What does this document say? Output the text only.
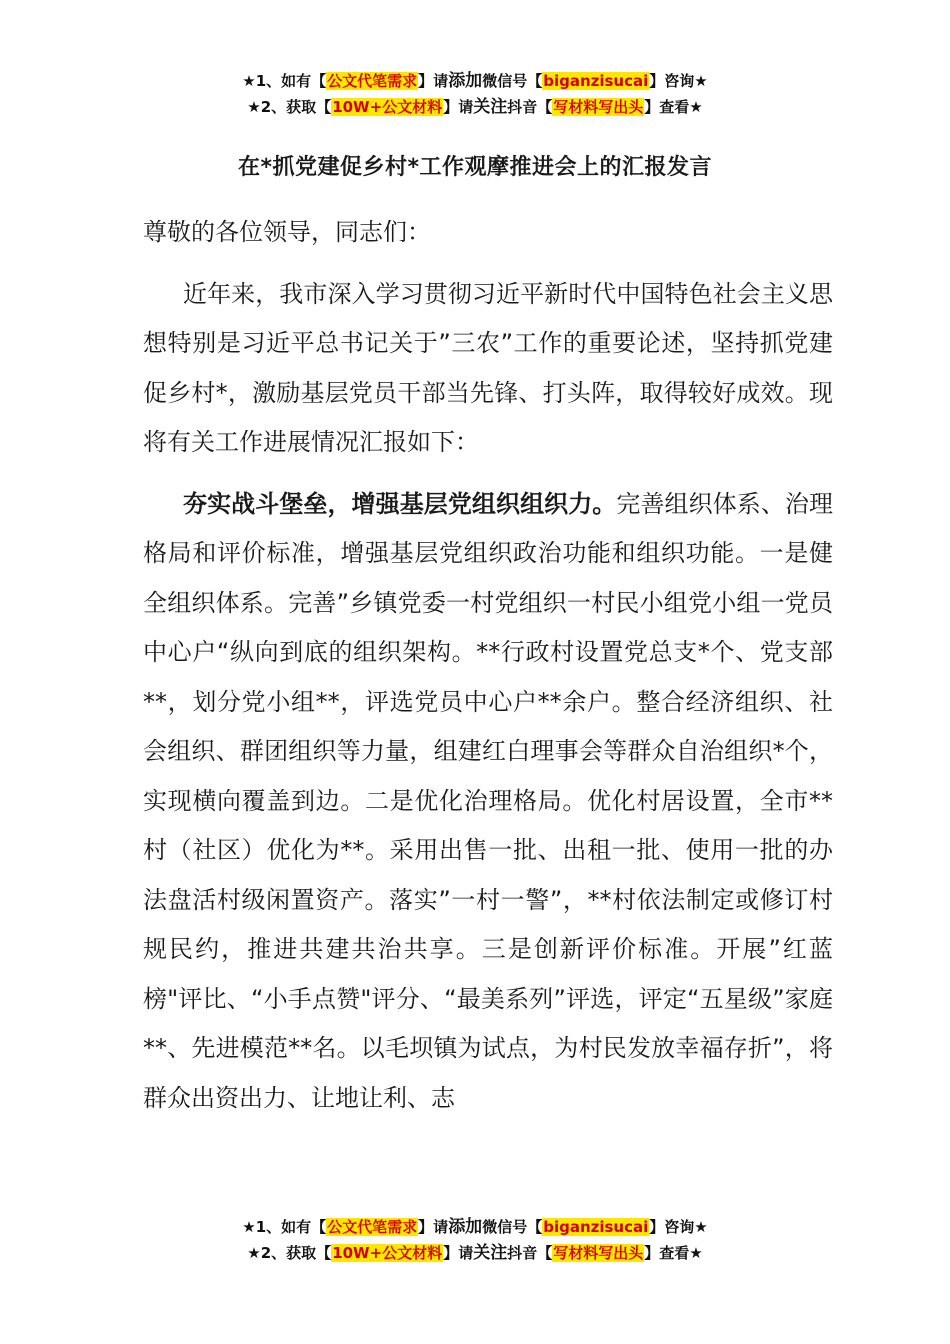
★1、如有【公文代笔需求】请添加微信号【biganzisucai】咨询★
★2、获取【10W+公文材料】请关注抖音【写材料写出头】查看★
在*抓党建促乡村*工作观摩推进会上的汇报发言

尊敬的各位领导，同志们：

近年来，我市深入学习贯彻习近平新时代中国特色社会主义思想特别是习近平总书记关于”三农”工作的重要论述，坚持抓党建促乡村*，激励基层党员干部当先锋、打头阵，取得较好成效。现将有关工作进展情况汇报如下：

夯实战斗堡垒，增强基层党组织组织力。完善组织体系、治理格局和评价标准，增强基层党组织政治功能和组织功能。一是健全组织体系。完善”乡镇党委一村党组织一村民小组党小组一党员中心户“纵向到底的组织架构。**行政村设置党总支*个、党支部**，划分党小组**，评选党员中心户**余户。整合经济组织、社会组织、群团组织等力量，组建红白理事会等群众自治组织*个，实现横向覆盖到边。二是优化治理格局。优化村居设置，全市**村（社区）优化为**。采用出售一批、出租一批、使用一批的办法盘活村级闲置资产。落实”一村一警”，**村依法制定或修订村规民约，推进共建共治共享。三是创新评价标准。开展”红蓝榜"评比、“小手点赞"评分、“最美系列”评选，评定“五星级”家庭**、先进模范**名。以毛坝镇为试点，为村民发放幸福存折”，将群众出资出力、让地让利、志

★1、如有【公文代笔需求】请添加微信号【biganzisucai】咨询★
★2、获取【10W+公文材料】请关注抖音【写材料写出头】查看★
